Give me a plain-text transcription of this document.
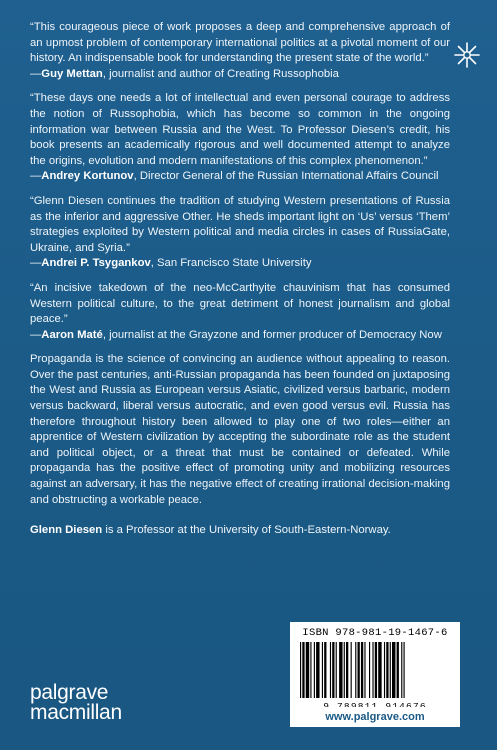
“This courageous piece of work proposes a deep and comprehensive approach of an upmost problem of contemporary international politics at a pivotal moment of our history. An indispensable book for understanding the present state of the world.”

—Guy Mettan, journalist and author of Creating Russophobia

“These days one needs a lot of intellectual and even personal courage to address the notion of Russophobia, which has become so common in the ongoing information war between Russia and the West. To Professor Diesen’s credit, his book presents an academically rigorous and well documented attempt to analyze the origins, evolution and modern manifestations of this complex phenomenon.”

—Andrey Kortunov, Director General of the Russian International Affairs Council

“Glenn Diesen continues the tradition of studying Western presentations of Russia as the inferior and aggressive Other. He sheds important light on ‘Us’ versus ‘Them’ strategies exploited by Western political and media circles in cases of RussiaGate, Ukraine, and Syria.”

—Andrei P. Tsygankov, San Francisco State University

“An incisive takedown of the neo-McCarthyite chauvinism that has consumed Western political culture, to the great detriment of honest journalism and global peace.”

—Aaron Maté, journalist at the Grayzone and former producer of Democracy Now

Propaganda is the science of convincing an audience without appealing to reason. Over the past centuries, anti-Russian propaganda has been founded on juxtaposing the West and Russia as European versus Asiatic, civilized versus barbaric, modern versus backward, liberal versus autocratic, and even good versus evil. Russia has therefore throughout history been allowed to play one of two roles—either an apprentice of Western civilization by accepting the subordinate role as the student and political object, or a threat that must be contained or defeated. While propaganda has the positive effect of promoting unity and mobilizing resources against an adversary, it has the negative effect of creating irrational decision-making and obstructing a workable peace.

Glenn Diesen is a Professor at the University of South-Eastern-Norway.

ISBN 978-981-19-1467-6
www.palgrave.com
palgrave
macmillan
